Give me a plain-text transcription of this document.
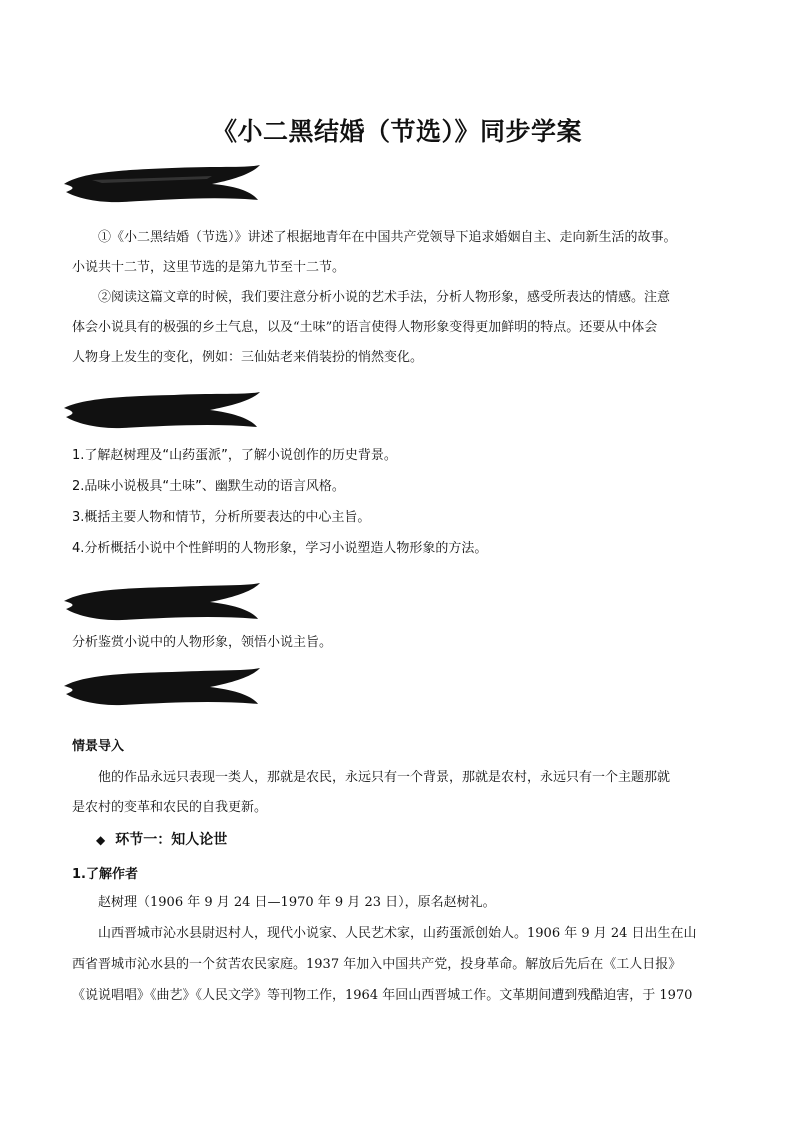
《小二黑结婚（节选）》同步学案
①《小二黑结婚（节选）》讲述了根据地青年在中国共产党领导下追求婚姻自主、走向新生活的故事。
小说共十二节，这里节选的是第九节至十二节。
②阅读这篇文章的时候，我们要注意分析小说的艺术手法，分析人物形象，感受所表达的情感。注意
体会小说具有的极强的乡土气息，以及“土味”的语言使得人物形象变得更加鲜明的特点。还要从中体会
人物身上发生的变化，例如：三仙姑老来俏装扮的悄然变化。
1.了解赵树理及“山药蛋派”，了解小说创作的历史背景。
2.品味小说极具“土味”、幽默生动的语言风格。
3.概括主要人物和情节，分析所要表达的中心主旨。
4.分析概括小说中个性鲜明的人物形象，学习小说塑造人物形象的方法。
分析鉴赏小说中的人物形象，领悟小说主旨。
情景导入
他的作品永远只表现一类人，那就是农民，永远只有一个背景，那就是农村，永远只有一个主题那就
是农村的变革和农民的自我更新。
◆ 环节一：知人论世
1.了解作者
赵树理（1906 年 9 月 24 日—1970 年 9 月 23 日），原名赵树礼。
山西晋城市沁水县尉迟村人，现代小说家、人民艺术家，山药蛋派创始人。1906 年 9 月 24 日出生在山
西省晋城市沁水县的一个贫苦农民家庭。1937 年加入中国共产党，投身革命。解放后先后在《工人日报》
《说说唱唱》《曲艺》《人民文学》等刊物工作，1964 年回山西晋城工作。文革期间遭到残酷迫害，于 1970
